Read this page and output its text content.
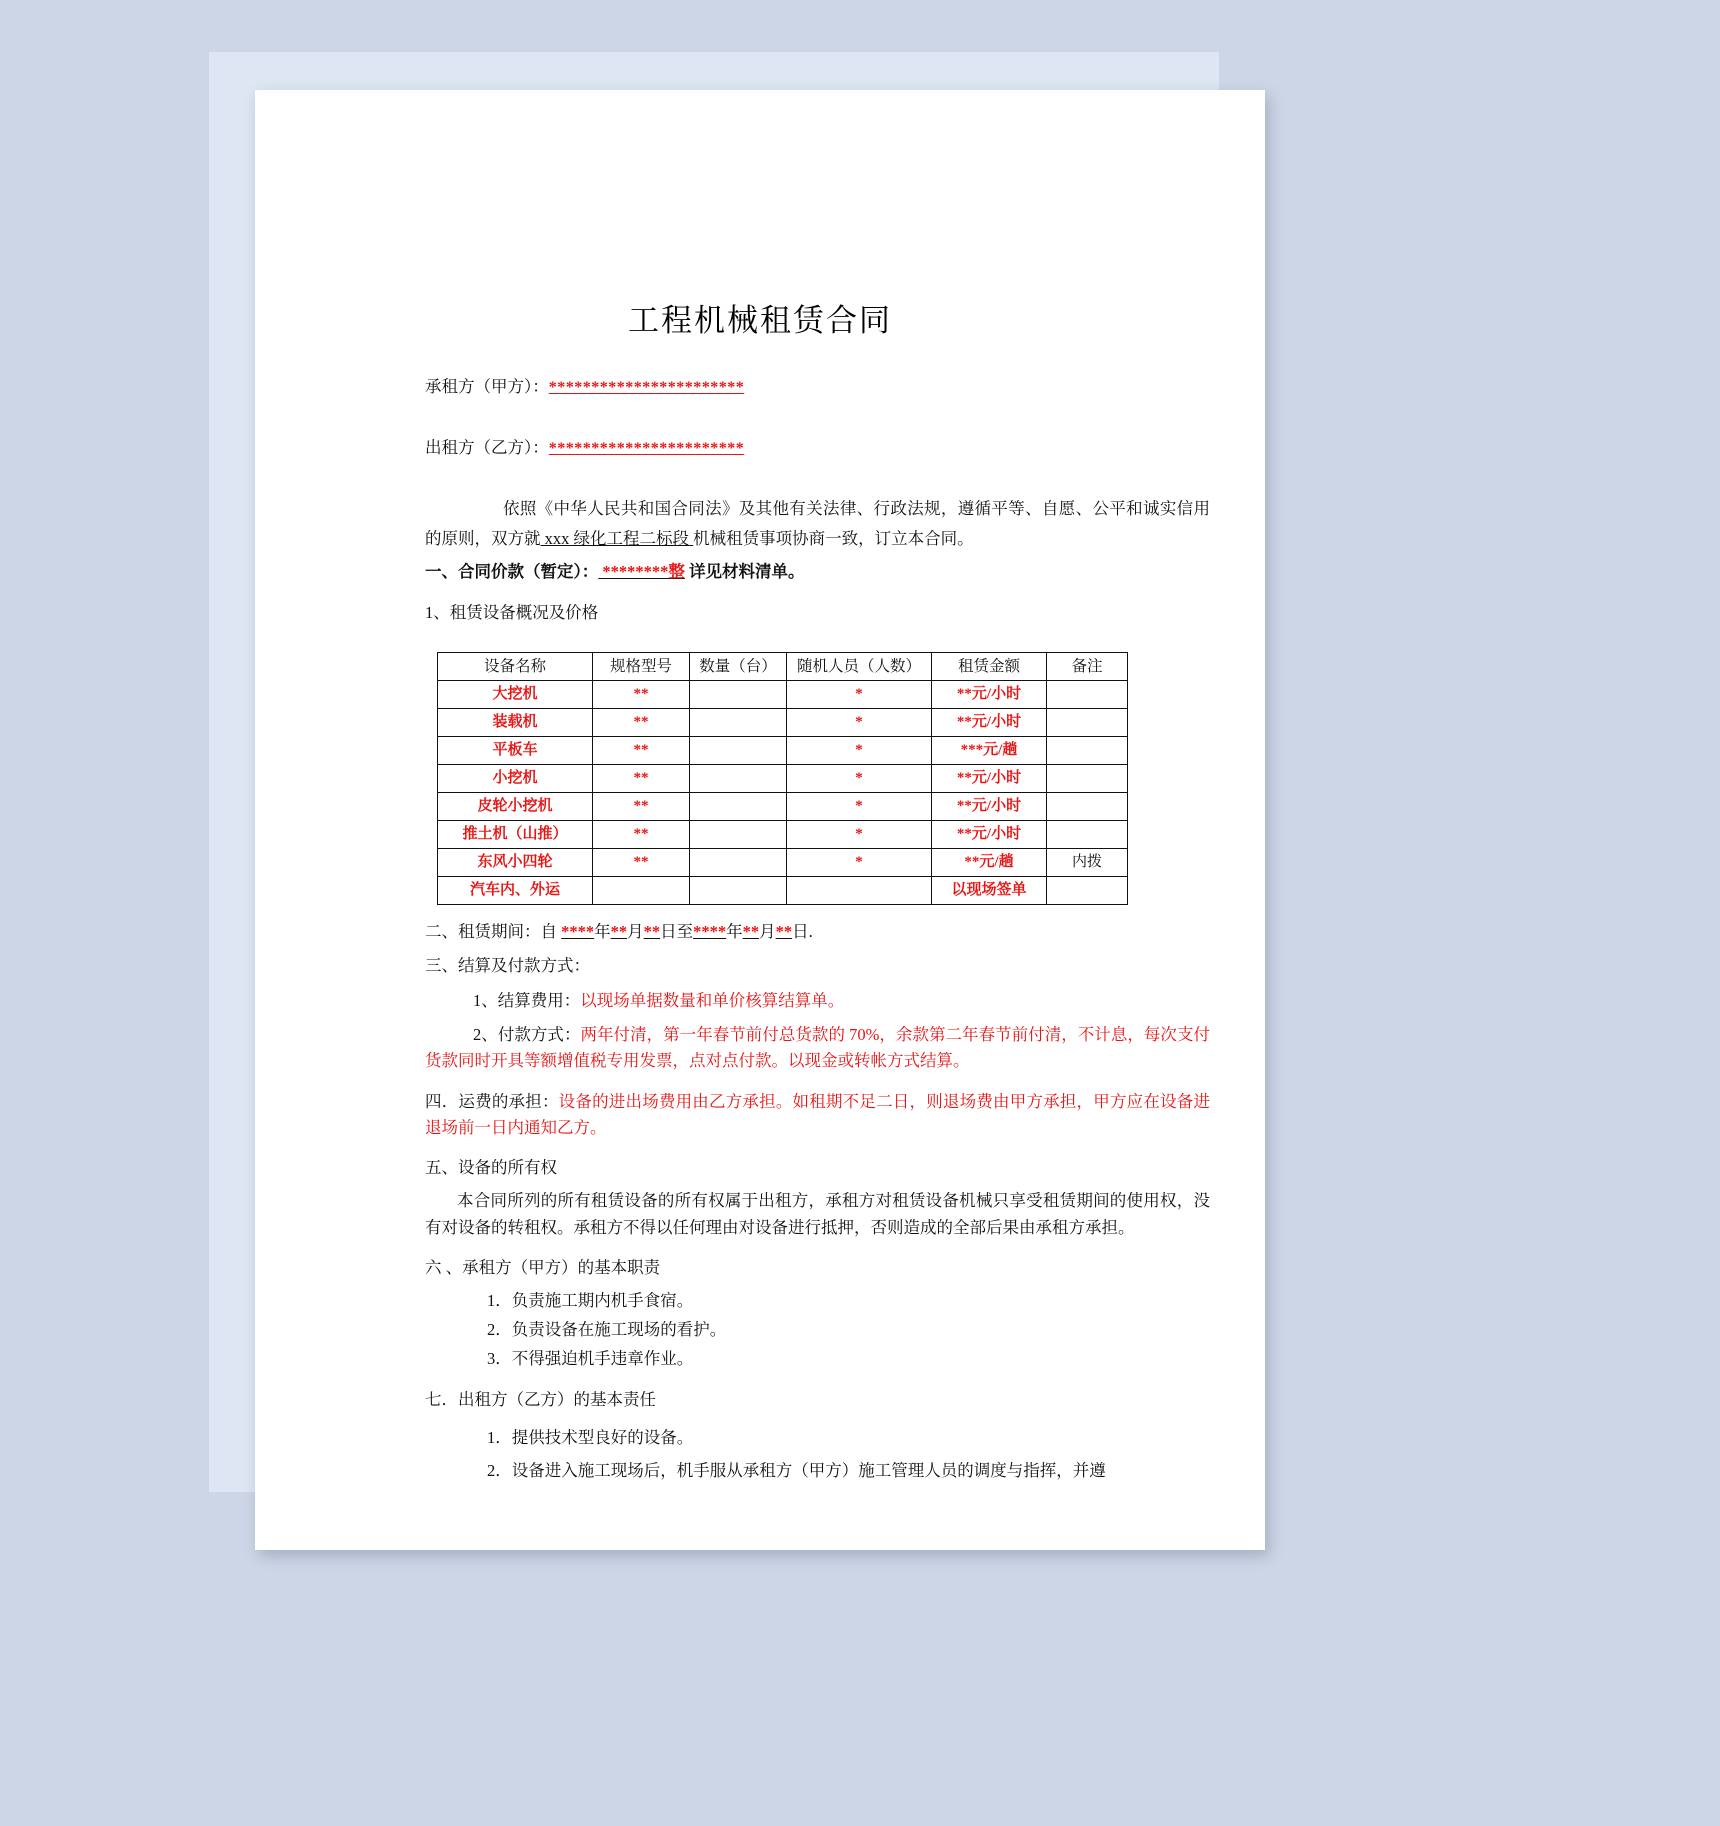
工程机械租赁合同
承租方（甲方）：***********************
出租方（乙方）：***********************
依照《中华人民共和国合同法》及其他有关法律、行政法规，遵循平等、自愿、公平和诚实信用的原则，双方就 xxx 绿化工程二标段 机械租赁事项协商一致，订立本合同。
一、合同价款（暂定）： ********整 详见材料清单。
1、租赁设备概况及价格
设备名称	规格型号	数量（台）	随机人员（人数）	租赁金额	备注
大挖机	**		*	**元/小时	
装载机	**		*	**元/小时	
平板车	**		*	***元/趟	
小挖机	**		*	**元/小时	
皮轮小挖机	**		*	**元/小时	
推土机（山推）	**		*	**元/小时	
东风小四轮	**		*	**元/趟	内拨
汽车内、外运				以现场签单	
二、租赁期间：自 ****年**月**日至****年**月**日.
三、结算及付款方式：
1、结算费用：以现场单据数量和单价核算结算单。
2、付款方式：两年付清，第一年春节前付总货款的 70%，余款第二年春节前付清，不计息，每次支付货款同时开具等额增值税专用发票，点对点付款。以现金或转帐方式结算。
四．运费的承担：设备的进出场费用由乙方承担。如租期不足二日，则退场费由甲方承担，甲方应在设备进退场前一日内通知乙方。
五、设备的所有权
本合同所列的所有租赁设备的所有权属于出租方，承租方对租赁设备机械只享受租赁期间的使用权，没有对设备的转租权。承租方不得以任何理由对设备进行抵押，否则造成的全部后果由承租方承担。
六 、承租方（甲方）的基本职责
1．负责施工期内机手食宿。
2．负责设备在施工现场的看护。
3．不得强迫机手违章作业。
七．出租方（乙方）的基本责任
1．提供技术型良好的设备。
2．设备进入施工现场后，机手服从承租方（甲方）施工管理人员的调度与指挥，并遵
